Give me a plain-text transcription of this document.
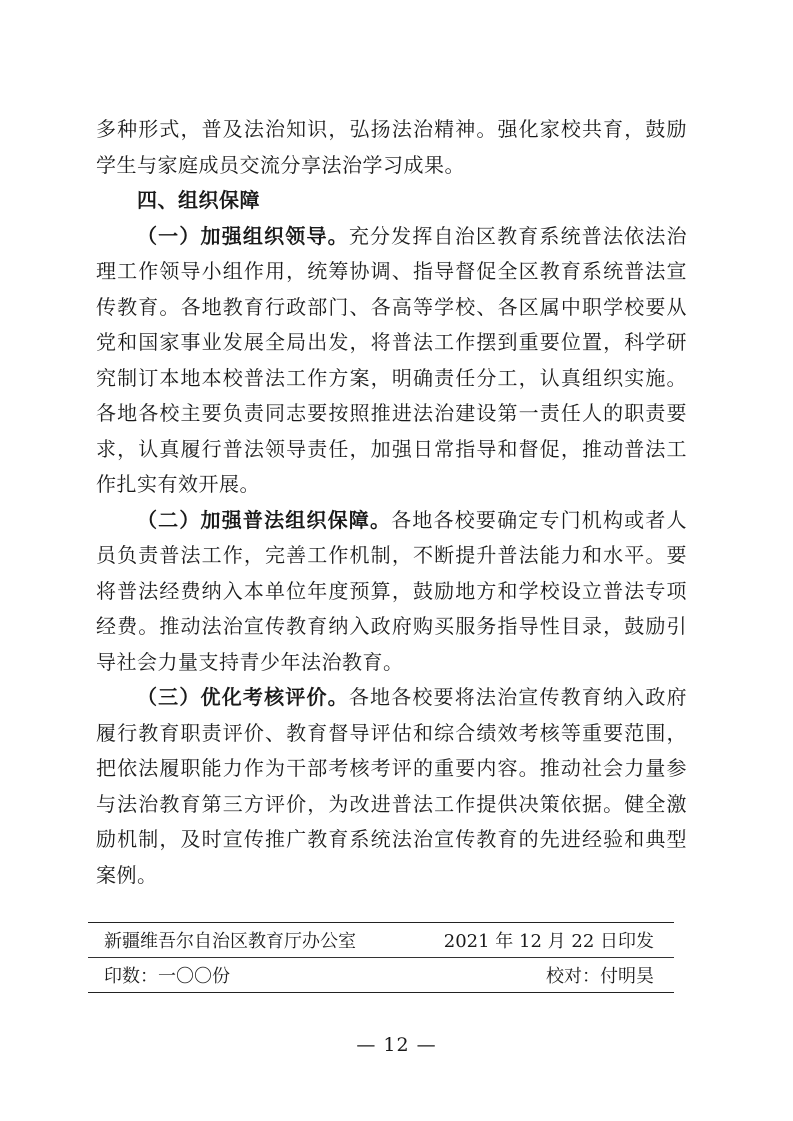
多种形式，普及法治知识，弘扬法治精神。强化家校共育，鼓励学生与家庭成员交流分享法治学习成果。

四、组织保障

（一）加强组织领导。充分发挥自治区教育系统普法依法治理工作领导小组作用，统筹协调、指导督促全区教育系统普法宣传教育。各地教育行政部门、各高等学校、各区属中职学校要从党和国家事业发展全局出发，将普法工作摆到重要位置，科学研究制订本地本校普法工作方案，明确责任分工，认真组织实施。各地各校主要负责同志要按照推进法治建设第一责任人的职责要求，认真履行普法领导责任，加强日常指导和督促，推动普法工作扎实有效开展。

（二）加强普法组织保障。各地各校要确定专门机构或者人员负责普法工作，完善工作机制，不断提升普法能力和水平。要将普法经费纳入本单位年度预算，鼓励地方和学校设立普法专项经费。推动法治宣传教育纳入政府购买服务指导性目录，鼓励引导社会力量支持青少年法治教育。

（三）优化考核评价。各地各校要将法治宣传教育纳入政府履行教育职责评价、教育督导评估和综合绩效考核等重要范围，把依法履职能力作为干部考核考评的重要内容。推动社会力量参与法治教育第三方评价，为改进普法工作提供决策依据。健全激励机制，及时宣传推广教育系统法治宣传教育的先进经验和典型案例。

新疆维吾尔自治区教育厅办公室	2021 年 12 月 22 日印发
印数：一〇〇份	校对：付明昊
— 12 —
